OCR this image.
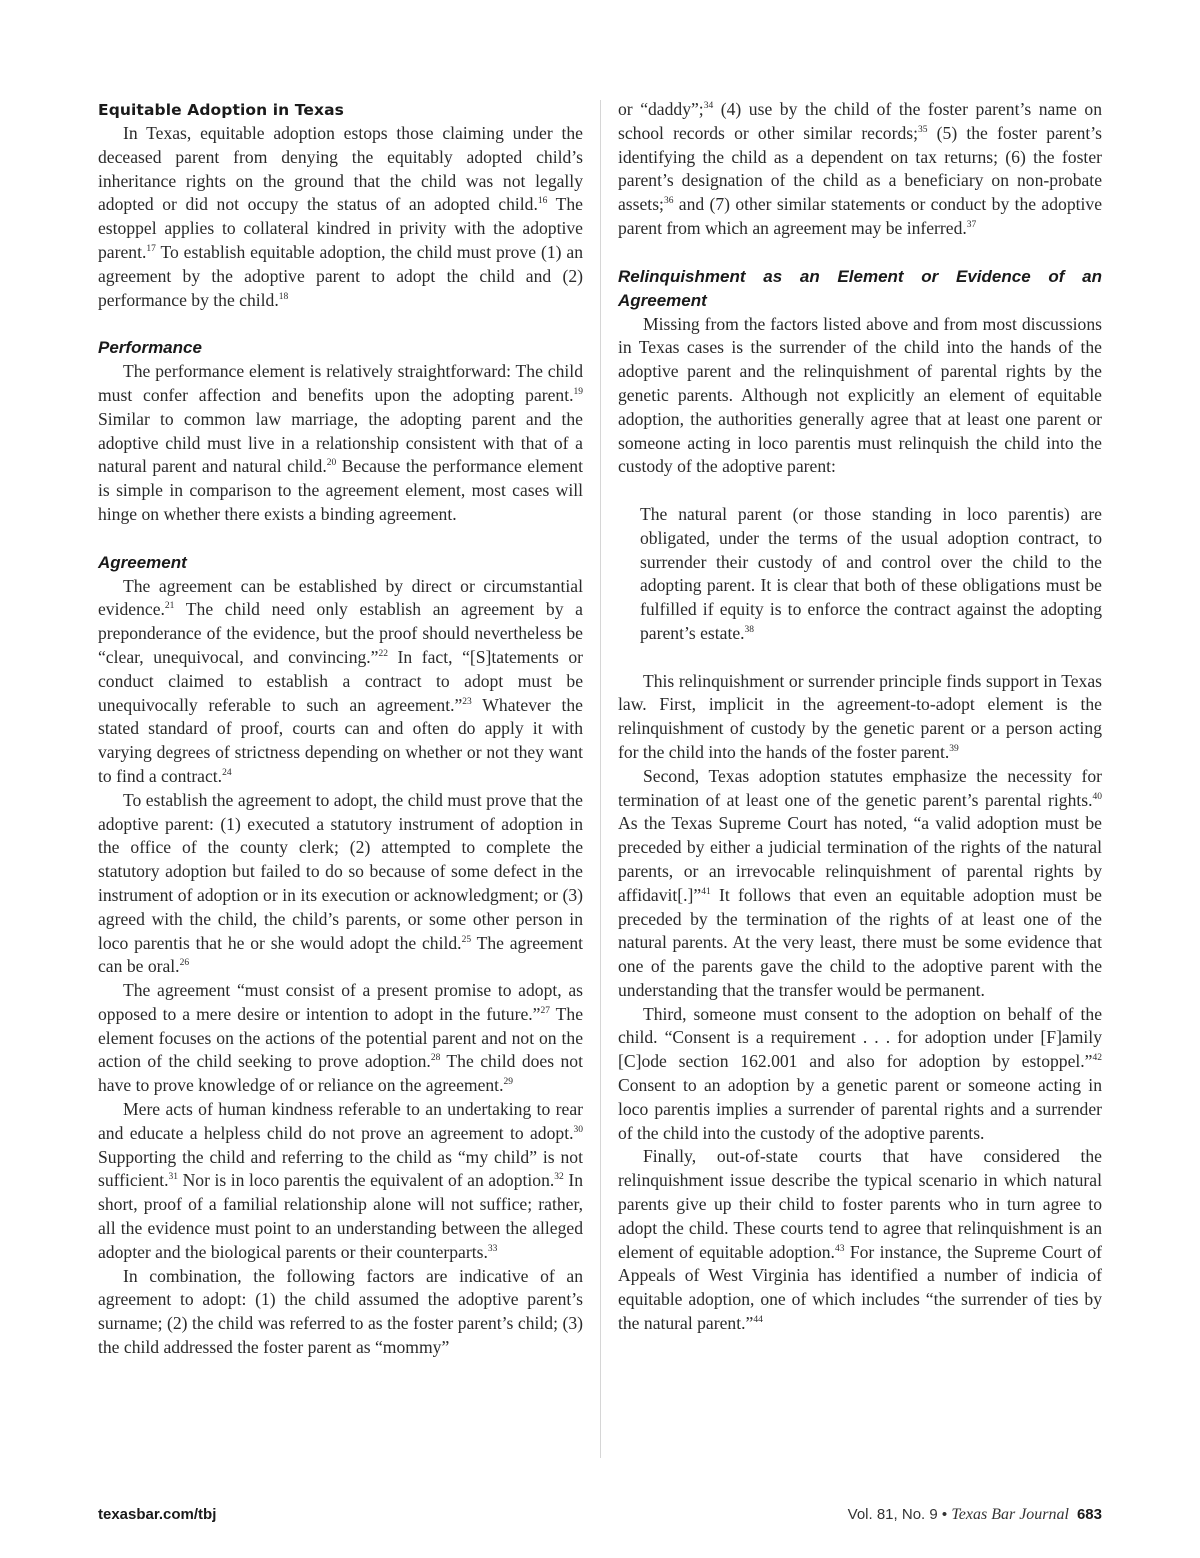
Equitable Adoption in Texas

In Texas, equitable adoption estops those claiming under the deceased parent from denying the equitably adopted child’s inheritance rights on the ground that the child was not legally adopted or did not occupy the status of an adopted child.$^{16}$ The estoppel applies to collateral kindred in privity with the adoptive parent.$^{17}$ To establish equitable adoption, the child must prove (1) an agreement by the adoptive parent to adopt the child and (2) performance by the child.$^{18}$

Performance

The performance element is relatively straightforward: The child must confer affection and benefits upon the adopting parent.$^{19}$ Similar to common law marriage, the adopting parent and the adoptive child must live in a relationship consistent with that of a natural parent and natural child.$^{20}$ Because the performance element is simple in comparison to the agreement element, most cases will hinge on whether there exists a binding agreement.

Agreement

The agreement can be established by direct or circumstantial evidence.$^{21}$ The child need only establish an agreement by a preponderance of the evidence, but the proof should nevertheless be “clear, unequivocal, and convincing.”$^{22}$ In fact, “[S]tatements or conduct claimed to establish a contract to adopt must be unequivocally referable to such an agreement.”$^{23}$ Whatever the stated standard of proof, courts can and often do apply it with varying degrees of strictness depending on whether or not they want to find a contract.$^{24}$

To establish the agreement to adopt, the child must prove that the adoptive parent: (1) executed a statutory instrument of adoption in the office of the county clerk; (2) attempted to complete the statutory adoption but failed to do so because of some defect in the instrument of adoption or in its execution or acknowledgment; or (3) agreed with the child, the child’s parents, or some other person in loco parentis that he or she would adopt the child.$^{25}$ The agreement can be oral.$^{26}$

The agreement “must consist of a present promise to adopt, as opposed to a mere desire or intention to adopt in the future.”$^{27}$ The element focuses on the actions of the potential parent and not on the action of the child seeking to prove adoption.$^{28}$ The child does not have to prove knowledge of or reliance on the agreement.$^{29}$

Mere acts of human kindness referable to an undertaking to rear and educate a helpless child do not prove an agreement to adopt.$^{30}$ Supporting the child and referring to the child as “my child” is not sufficient.$^{31}$ Nor is in loco parentis the equivalent of an adoption.$^{32}$ In short, proof of a familial relationship alone will not suffice; rather, all the evidence must point to an understanding between the alleged adopter and the biological parents or their counterparts.$^{33}$

In combination, the following factors are indicative of an agreement to adopt: (1) the child assumed the adoptive parent’s surname; (2) the child was referred to as the foster parent’s child; (3) the child addressed the foster parent as “mommy”

or “daddy”;$^{34}$ (4) use by the child of the foster parent’s name on school records or other similar records;$^{35}$ (5) the foster parent’s identifying the child as a dependent on tax returns; (6) the foster parent’s designation of the child as a beneficiary on non-probate assets;$^{36}$ and (7) other similar statements or conduct by the adoptive parent from which an agreement may be inferred.$^{37}$

Relinquishment as an Element or Evidence of an Agreement

Missing from the factors listed above and from most discussions in Texas cases is the surrender of the child into the hands of the adoptive parent and the relinquishment of parental rights by the genetic parents. Although not explicitly an element of equitable adoption, the authorities generally agree that at least one parent or someone acting in loco parentis must relinquish the child into the custody of the adoptive parent:

The natural parent (or those standing in loco parentis) are obligated, under the terms of the usual adoption contract, to surrender their custody of and control over the child to the adopting parent. It is clear that both of these obligations must be fulfilled if equity is to enforce the contract against the adopting parent’s estate.$^{38}$

This relinquishment or surrender principle finds support in Texas law. First, implicit in the agreement-to-adopt element is the relinquishment of custody by the genetic parent or a person acting for the child into the hands of the foster parent.$^{39}$

Second, Texas adoption statutes emphasize the necessity for termination of at least one of the genetic parent’s parental rights.$^{40}$ As the Texas Supreme Court has noted, “a valid adoption must be preceded by either a judicial termination of the rights of the natural parents, or an irrevocable relinquishment of parental rights by affidavit[.]”$^{41}$ It follows that even an equitable adoption must be preceded by the termination of the rights of at least one of the natural parents. At the very least, there must be some evidence that one of the parents gave the child to the adoptive parent with the understanding that the transfer would be permanent.

Third, someone must consent to the adoption on behalf of the child. “Consent is a requirement . . . for adoption under [F]amily [C]ode section 162.001 and also for adoption by estoppel.”$^{42}$ Consent to an adoption by a genetic parent or someone acting in loco parentis implies a surrender of parental rights and a surrender of the child into the custody of the adoptive parents.

Finally, out-of-state courts that have considered the relinquishment issue describe the typical scenario in which natural parents give up their child to foster parents who in turn agree to adopt the child. These courts tend to agree that relinquishment is an element of equitable adoption.$^{43}$ For instance, the Supreme Court of Appeals of West Virginia has identified a number of indicia of equitable adoption, one of which includes “the surrender of ties by the natural parent.”$^{44}$

texasbar.com/tbj	Vol. 81, No. 9 • Texas Bar Journal 683
